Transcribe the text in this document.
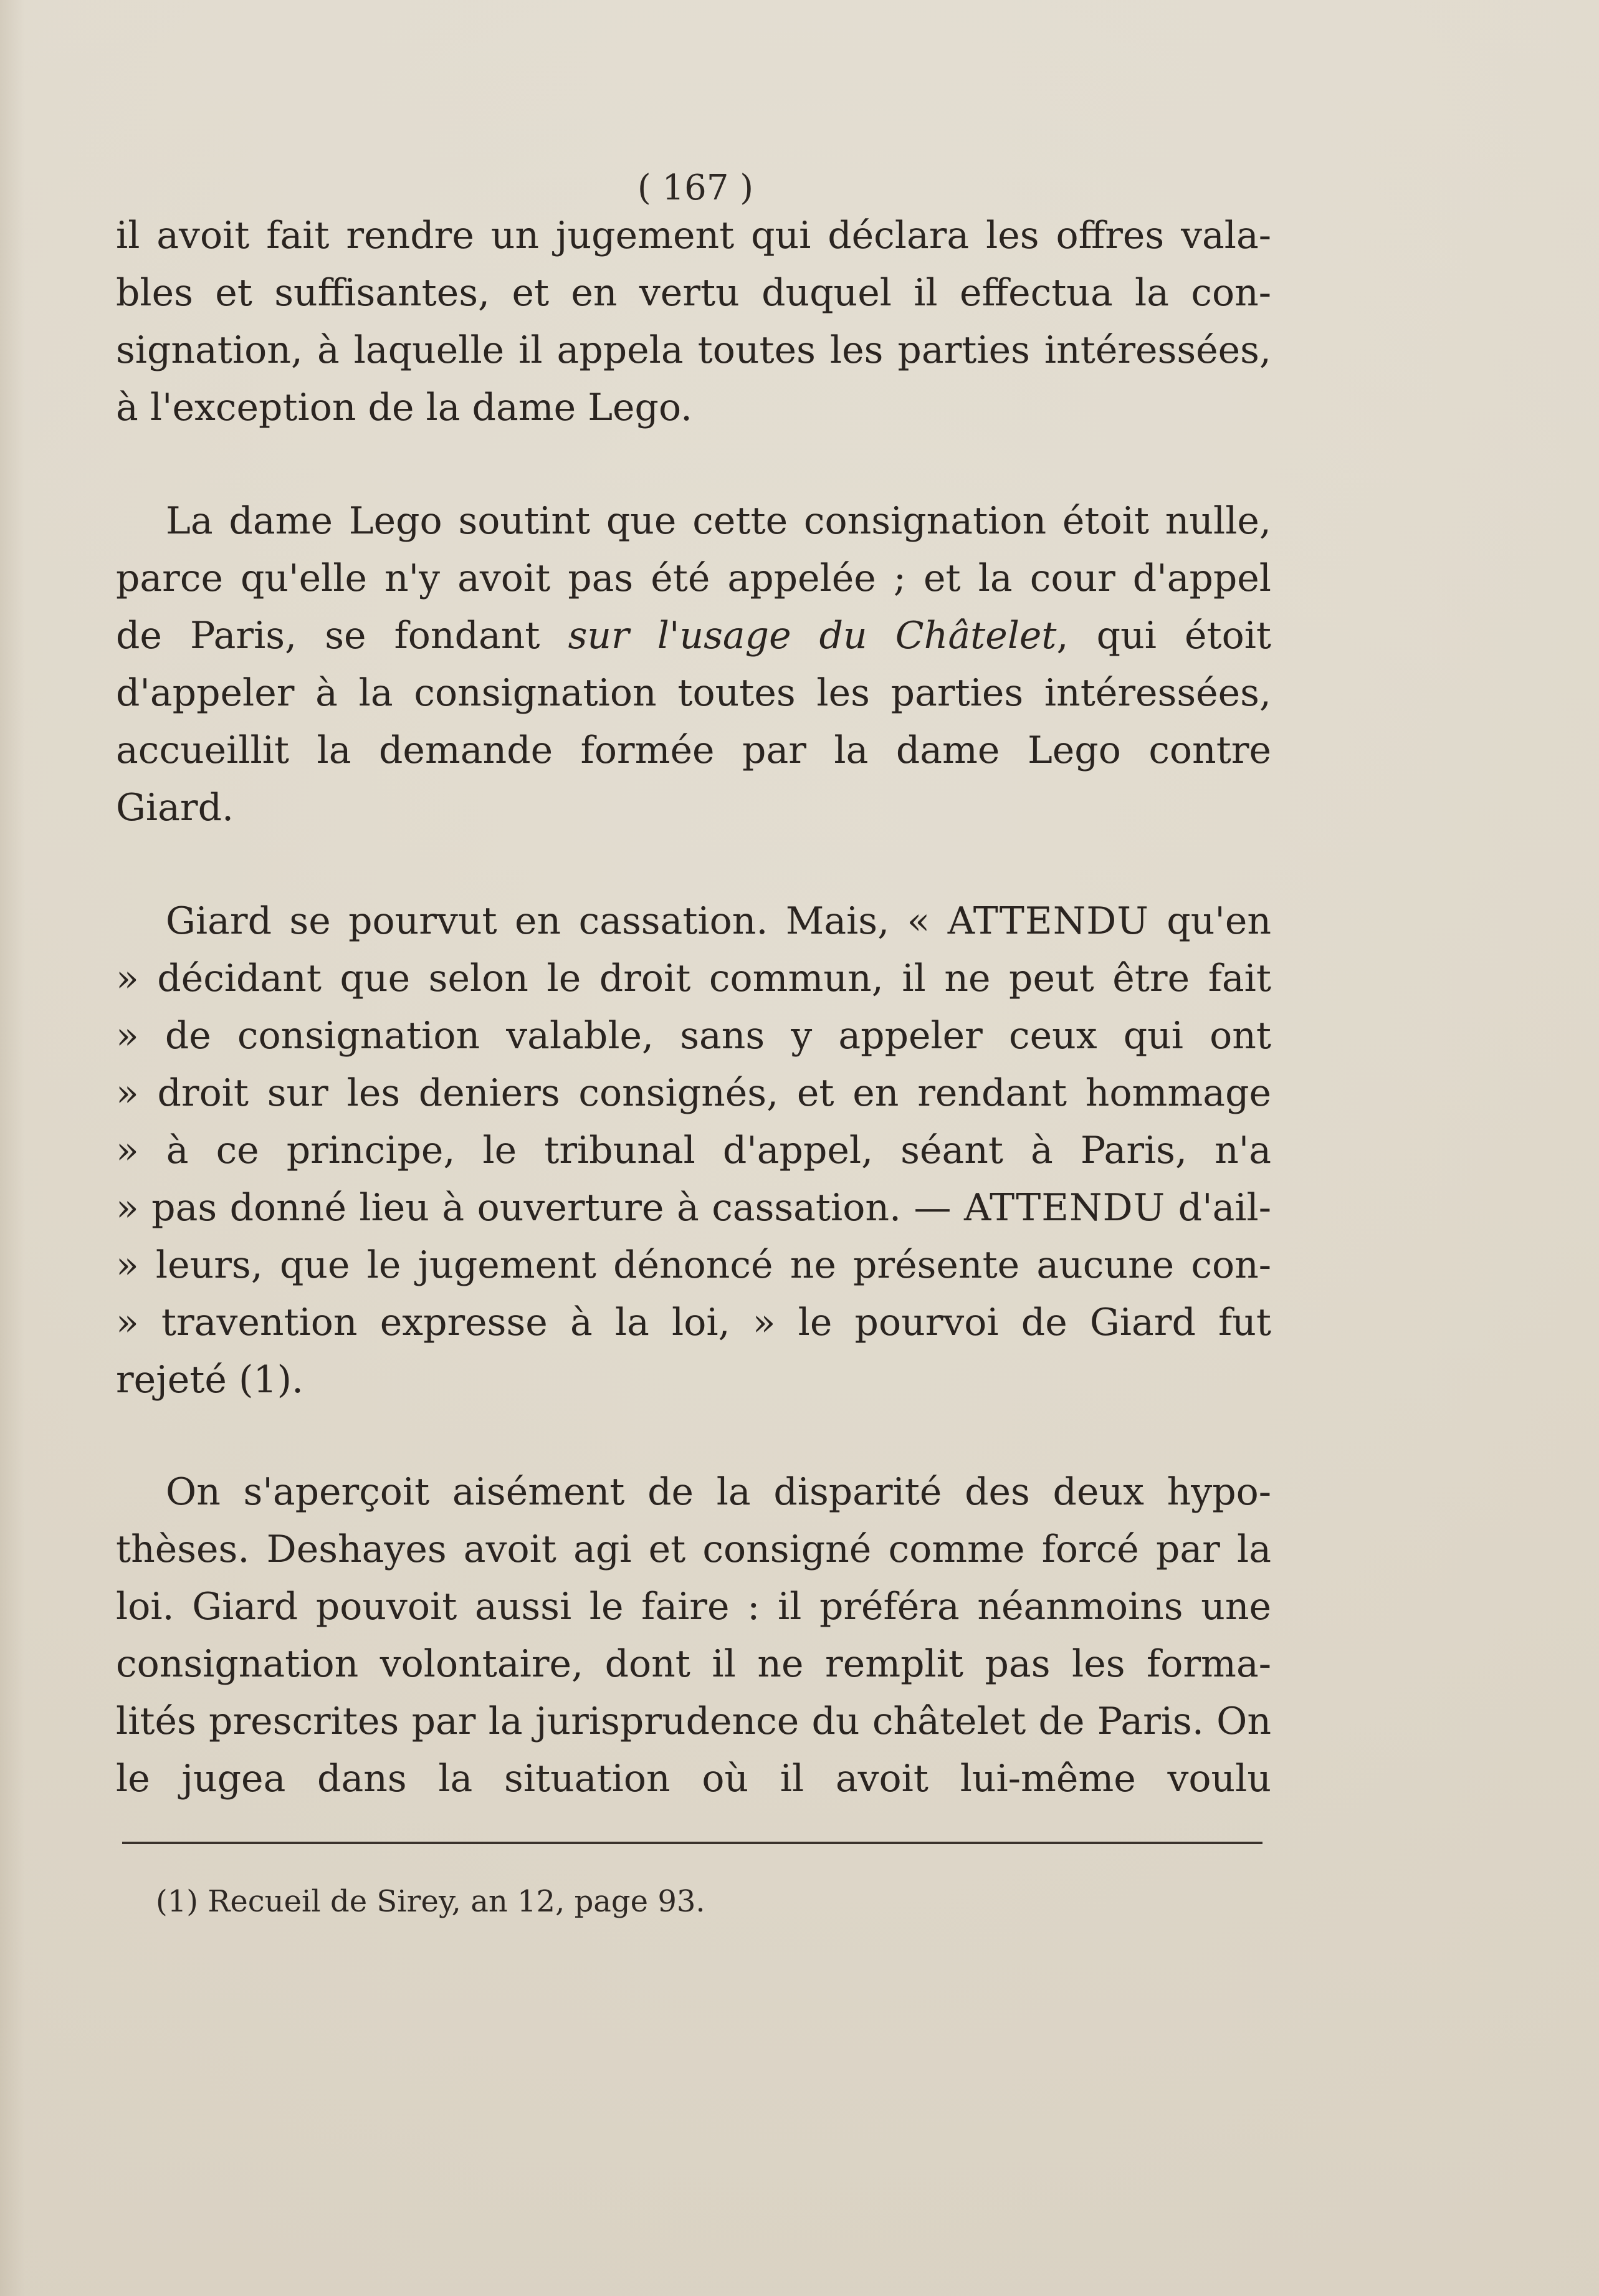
( 167 )
il avoit fait rendre un jugement qui déclara les offres vala-
bles et suffisantes, et en vertu duquel il effectua la con-
signation, à laquelle il appela toutes les parties intéressées,
à l'exception de la dame Lego.
La dame Lego soutint que cette consignation étoit nulle,
parce qu'elle n'y avoit pas été appelée ; et la cour d'appel
de Paris, se fondant sur l'usage du Châtelet, qui étoit
d'appeler à la consignation toutes les parties intéressées,
accueillit la demande formée par la dame Lego contre
Giard.
Giard se pourvut en cassation. Mais, « ATTENDU qu'en
» décidant que selon le droit commun, il ne peut être fait
» de consignation valable, sans y appeler ceux qui ont
» droit sur les deniers consignés, et en rendant hommage
» à ce principe, le tribunal d'appel, séant à Paris, n'a
» pas donné lieu à ouverture à cassation. — ATTENDU d'ail-
» leurs, que le jugement dénoncé ne présente aucune con-
» travention expresse à la loi, » le pourvoi de Giard fut
rejeté (1).
On s'aperçoit aisément de la disparité des deux hypo-
thèses. Deshayes avoit agi et consigné comme forcé par la
loi. Giard pouvoit aussi le faire : il préféra néanmoins une
consignation volontaire, dont il ne remplit pas les forma-
lités prescrites par la jurisprudence du châtelet de Paris. On
le jugea dans la situation où il avoit lui-même voulu
(1) Recueil de Sirey, an 12, page 93.
